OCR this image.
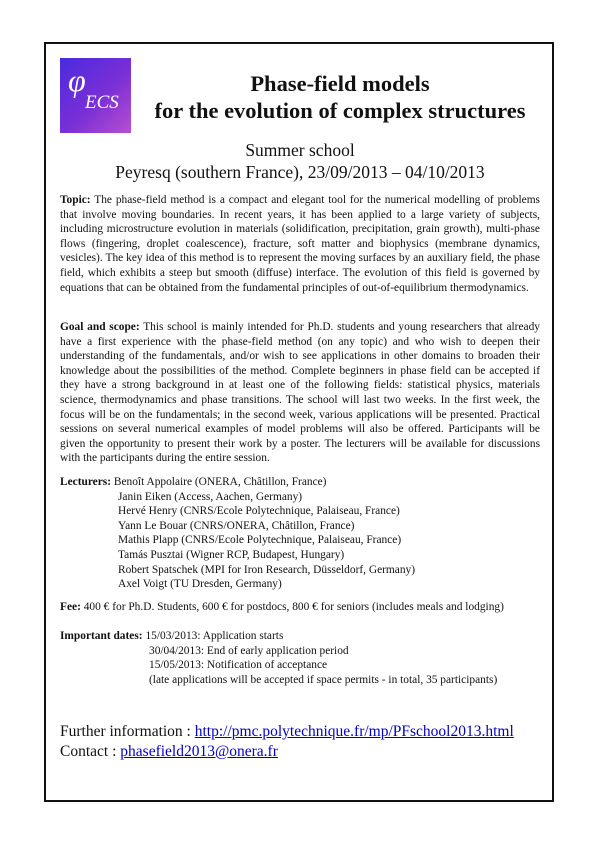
φ
ECS
Phase-field models
for the evolution of complex structures
Summer school
Peyresq (southern France), 23/09/2013 – 04/10/2013
Topic: The phase-field method is a compact and elegant tool for the numerical modelling of problems that involve moving boundaries. In recent years, it has been applied to a large variety of subjects, including microstructure evolution in materials (solidification, precipitation, grain growth), multi-phase flows (fingering, droplet coalescence), fracture, soft matter and biophysics (membrane dynamics, vesicles). The key idea of this method is to represent the moving surfaces by an auxiliary field, the phase field, which exhibits a steep but smooth (diffuse) interface. The evolution of this field is governed by equations that can be obtained from the fundamental principles of out-of-equilibrium thermodynamics.
Goal and scope: This school is mainly intended for Ph.D. students and young researchers that already have a first experience with the phase-field method (on any topic) and who wish to deepen their understanding of the fundamentals, and/or wish to see applications in other domains to broaden their knowledge about the possibilities of the method. Complete beginners in phase field can be accepted if they have a strong background in at least one of the following fields: statistical physics, materials science, thermodynamics and phase transitions. The school will last two weeks. In the first week, the focus will be on the fundamentals; in the second week, various applications will be presented. Practical sessions on several numerical examples of model problems will also be offered. Participants will be given the opportunity to present their work by a poster. The lecturers will be available for discussions with the participants during the entire session.
Lecturers: Benoît Appolaire (ONERA, Châtillon, France)
Janin Eiken (Access, Aachen, Germany)
Hervé Henry (CNRS/Ecole Polytechnique, Palaiseau, France)
Yann Le Bouar (CNRS/ONERA, Châtillon, France)
Mathis Plapp (CNRS/Ecole Polytechnique, Palaiseau, France)
Tamás Pusztai (Wigner RCP, Budapest, Hungary)
Robert Spatschek (MPI for Iron Research, Düsseldorf, Germany)
Axel Voigt (TU Dresden, Germany)
Fee: 400 € for Ph.D. Students, 600 € for postdocs, 800 € for seniors (includes meals and lodging)
Important dates: 15/03/2013: Application starts
30/04/2013: End of early application period
15/05/2013: Notification of acceptance
(late applications will be accepted if space permits - in total, 35 participants)
Further information : http://pmc.polytechnique.fr/mp/PFschool2013.html
Contact : phasefield2013@onera.fr
